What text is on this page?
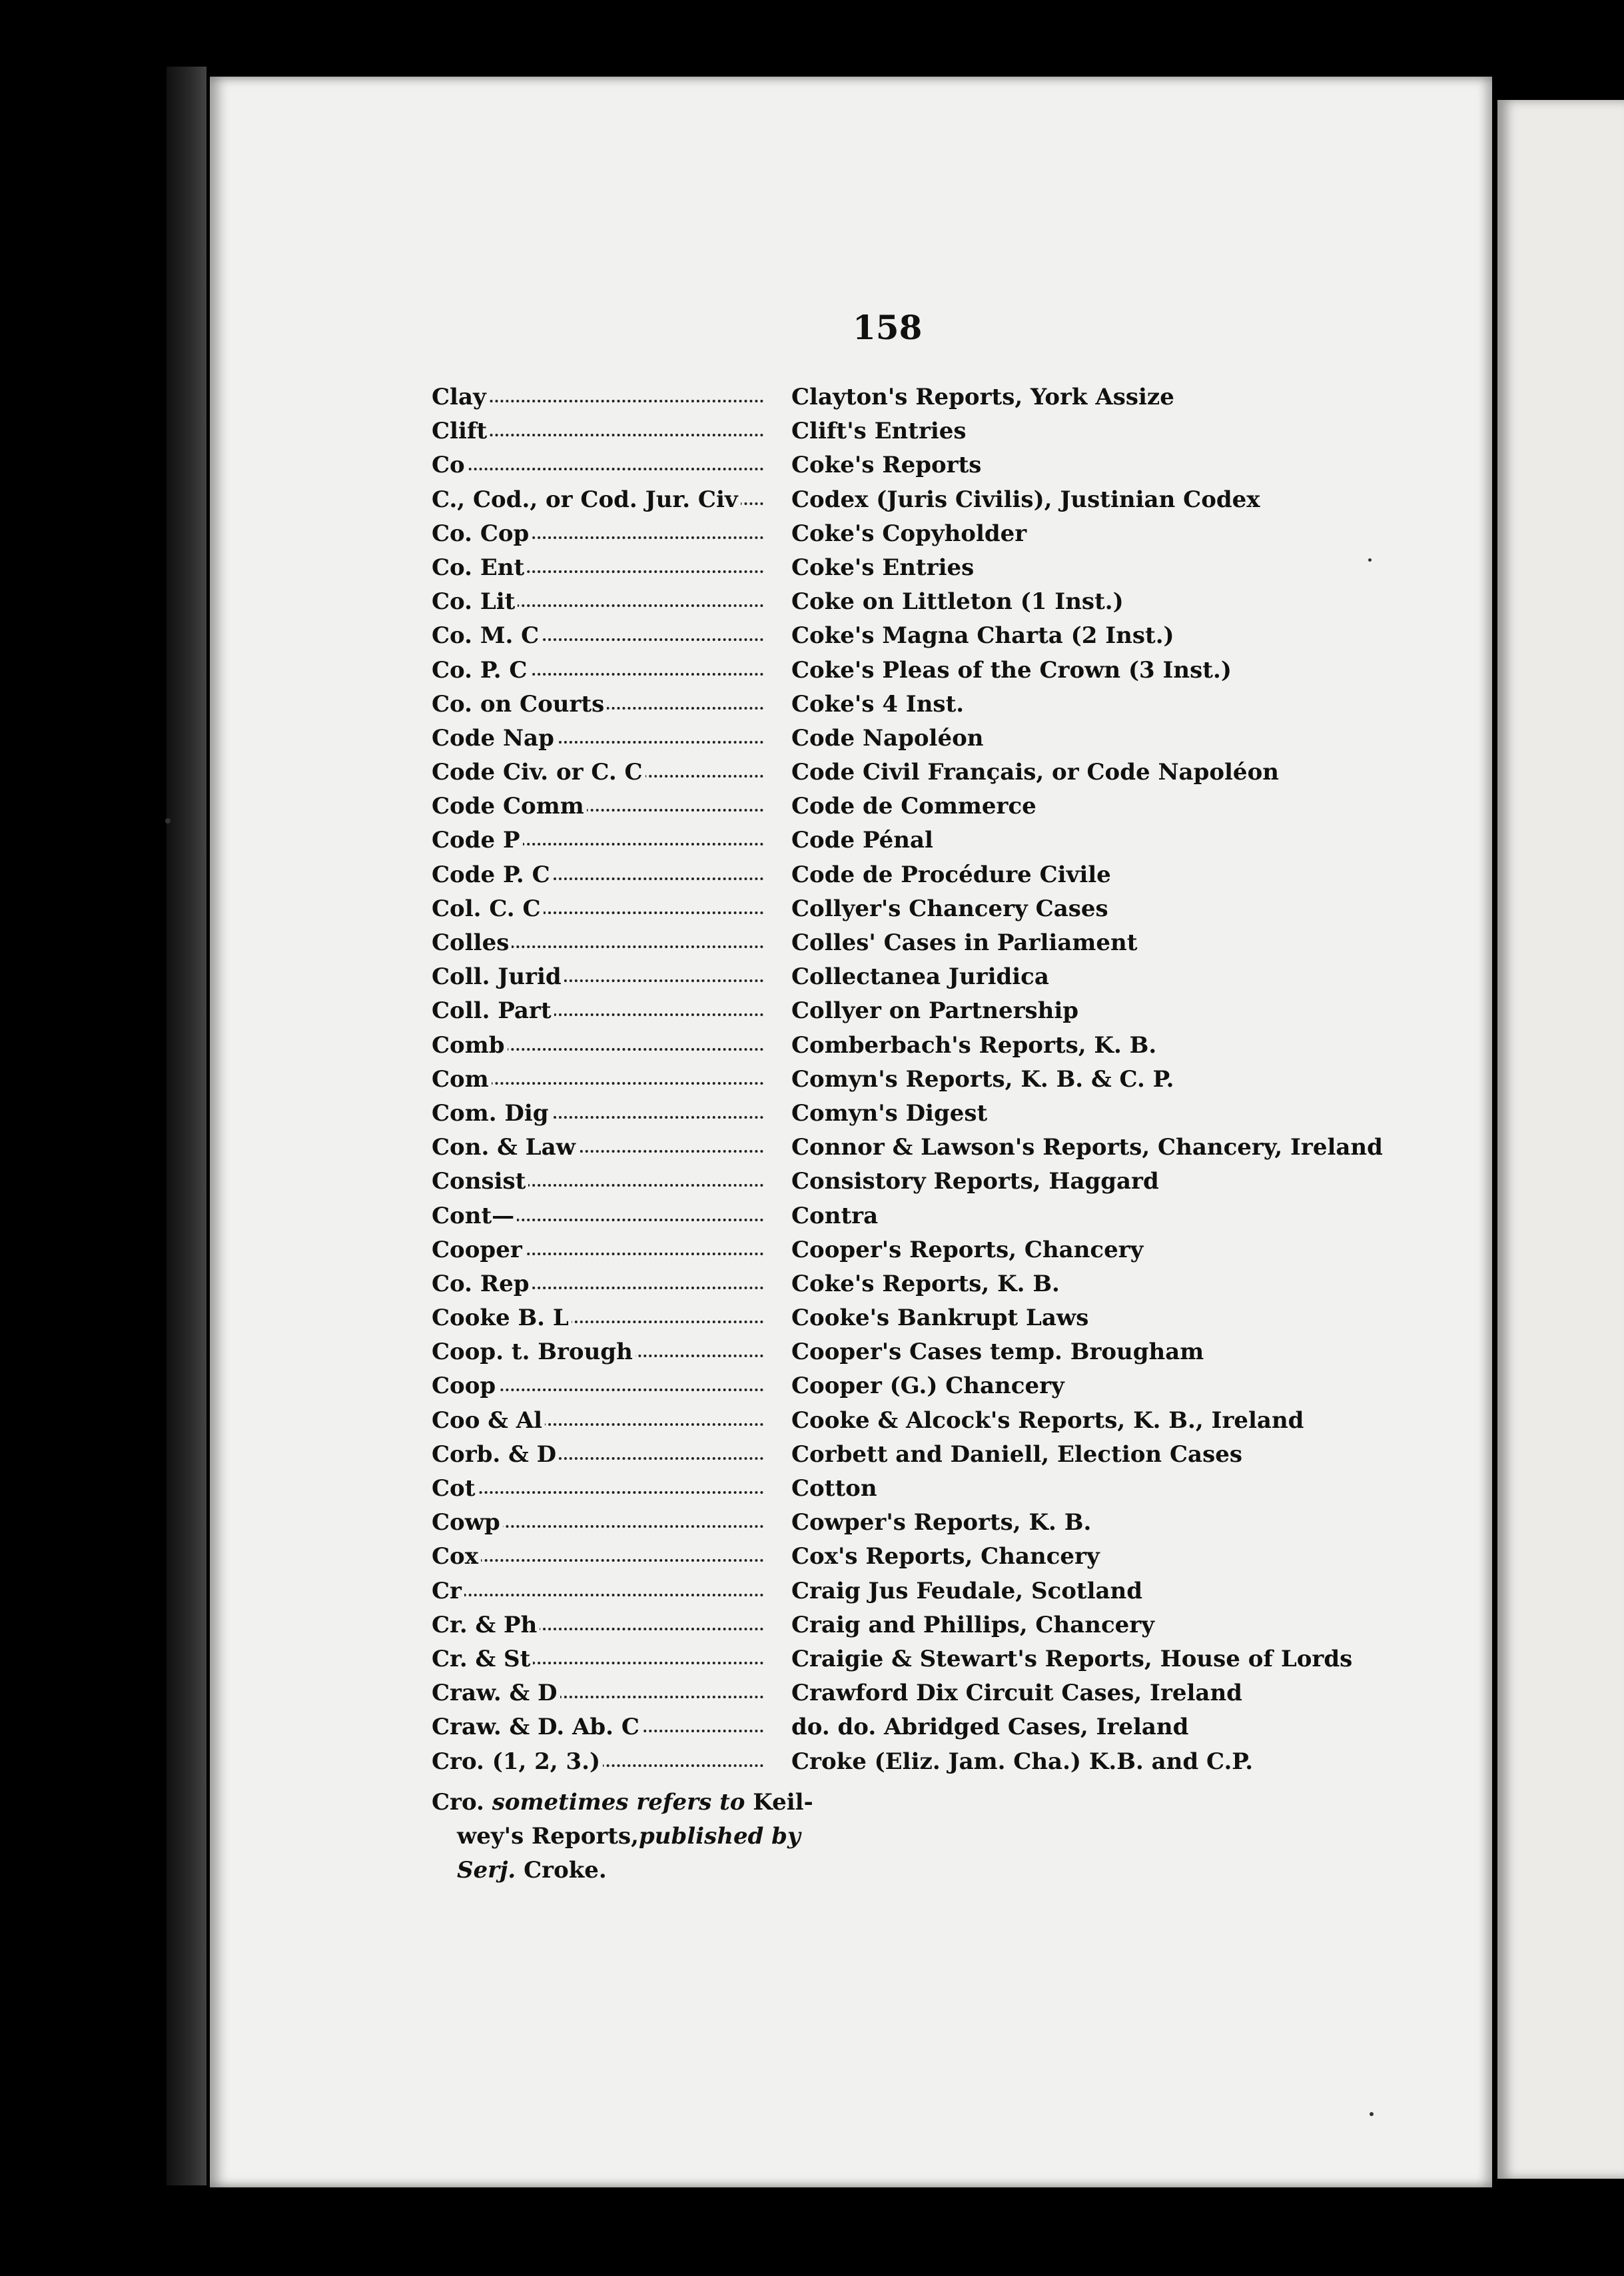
158
Clay	Clayton's Reports, York Assize
Clift	Clift's Entries
Co	Coke's Reports
C., Cod., or Cod. Jur. Civ	Codex (Juris Civilis), Justinian Codex
Co. Cop	Coke's Copyholder
Co. Ent	Coke's Entries
Co. Lit	Coke on Littleton (1 Inst.)
Co. M. C	Coke's Magna Charta (2 Inst.)
Co. P. C	Coke's Pleas of the Crown (3 Inst.)
Co. on Courts	Coke's 4 Inst.
Code Nap	Code Napoléon
Code Civ. or C. C	Code Civil Français, or Code Napoléon
Code Comm	Code de Commerce
Code P	Code Pénal
Code P. C	Code de Procédure Civile
Col. C. C	Collyer's Chancery Cases
Colles	Colles' Cases in Parliament
Coll. Jurid	Collectanea Juridica
Coll. Part	Collyer on Partnership
Comb	Comberbach's Reports, K. B.
Com	Comyn's Reports, K. B. & C. P.
Com. Dig	Comyn's Digest
Con. & Law	Connor & Lawson's Reports, Chancery, Ireland
Consist	Consistory Reports, Haggard
Cont—	Contra
Cooper	Cooper's Reports, Chancery
Co. Rep	Coke's Reports, K. B.
Cooke B. L	Cooke's Bankrupt Laws
Coop. t. Brough	Cooper's Cases temp. Brougham
Coop	Cooper (G.) Chancery
Coo & Al	Cooke & Alcock's Reports, K. B., Ireland
Corb. & D	Corbett and Daniell, Election Cases
Cot	Cotton
Cowp	Cowper's Reports, K. B.
Cox	Cox's Reports, Chancery
Cr	Craig Jus Feudale, Scotland
Cr. & Ph	Craig and Phillips, Chancery
Cr. & St	Craigie & Stewart's Reports, House of Lords
Craw. & D	Crawford Dix Circuit Cases, Ireland
Craw. & D. Ab. C	do. do. Abridged Cases, Ireland
Cro. (1, 2, 3.)	Croke (Eliz. Jam. Cha.) K.B. and C.P.
Cro. sometimes refers to Keil-
wey's Reports,published by
Serj. Croke.
